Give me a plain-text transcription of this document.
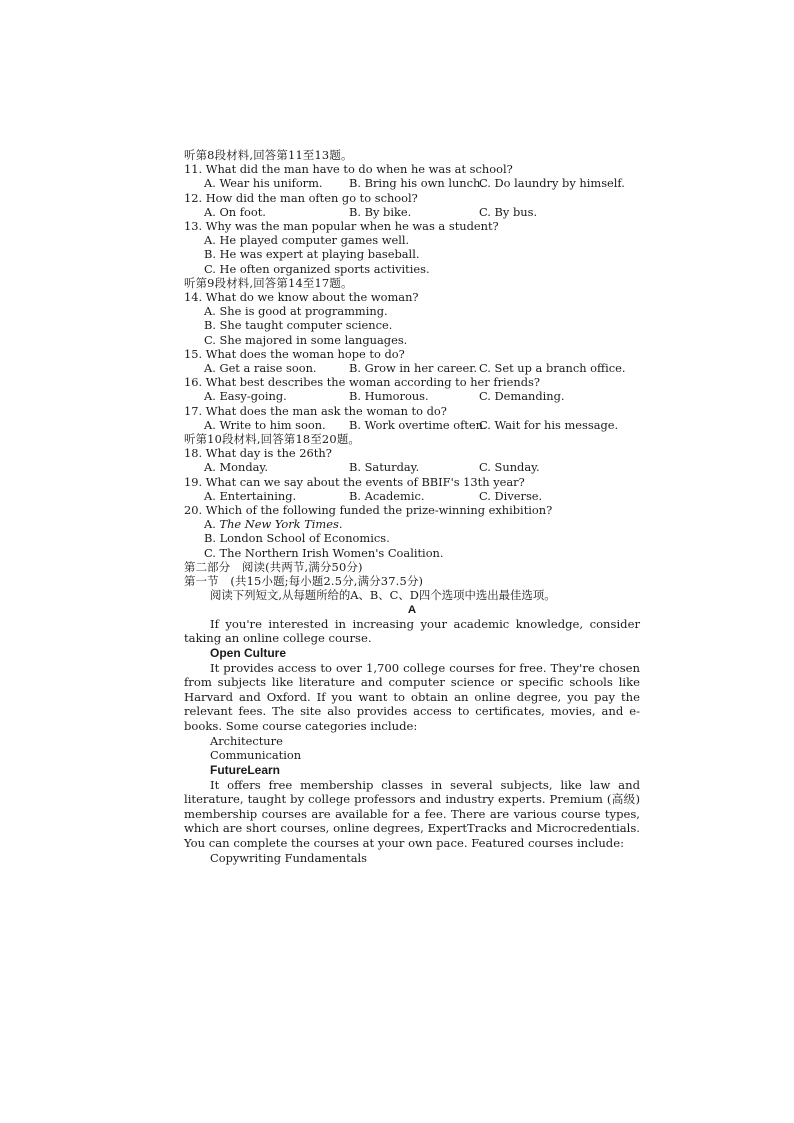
听第8段材料,回答第11至13题。
11. What did the man have to do when he was at school?
A. Wear his uniform.	B. Bring his own lunch.
C. Do laundry by himself.
12. How did the man often go to school?
A. On foot.	B. By bike.	C. By bus.
13. Why was the man popular when he was a student?
A. He played computer games well.
B. He was expert at playing baseball.
C. He often organized sports activities.
听第9段材料,回答第14至17题。
14. What do we know about the woman?
A. She is good at programming.
B. She taught computer science.
C. She majored in some languages.
15. What does the woman hope to do?
A. Get a raise soon.	B. Grow in her career. C. Set up a branch office.
16. What best describes the woman according to her friends?
A. Easy-going.	B. Humorous.	C. Demanding.
17. What does the man ask the woman to do?
A. Write to him soon.	B. Work overtime often.
C. Wait for his message.
听第10段材料,回答第18至20题。
18. What day is the 26th?
A. Monday.	B. Saturday.	C. Sunday.
19. What can we say about the events of BBIF's 13th year?
A. Entertaining.	B. Academic.	C. Diverse.
20. Which of the following funded the prize-winning exhibition?
A. The New York Times.
B. London School of Economics.
C. The Northern Irish Women's Coalition.
第二部分　阅读(共两节,满分50分)
第一节　(共15小题;每小题2.5分,满分37.5分)
阅读下列短文,从每题所给的A、B、C、D四个选项中选出最佳选项。
A

If you're interested in increasing your academic knowledge, consider taking an online college course.

Open Culture

It provides access to over 1,700 college courses for free. They're chosen from subjects like literature and computer science or specific schools like Harvard and Oxford. If you want to obtain an online degree, you pay the relevant fees. The site also provides access to certificates, movies, and e-books. Some course categories include:

Architecture
Communication
FutureLearn

It offers free membership classes in several subjects, like law and literature, taught by college professors and industry experts. Premium (高级) membership courses are available for a fee. There are various course types, which are short courses, online degrees, ExpertTracks and Microcredentials. You can complete the courses at your own pace. Featured courses include:

Copywriting Fundamentals
